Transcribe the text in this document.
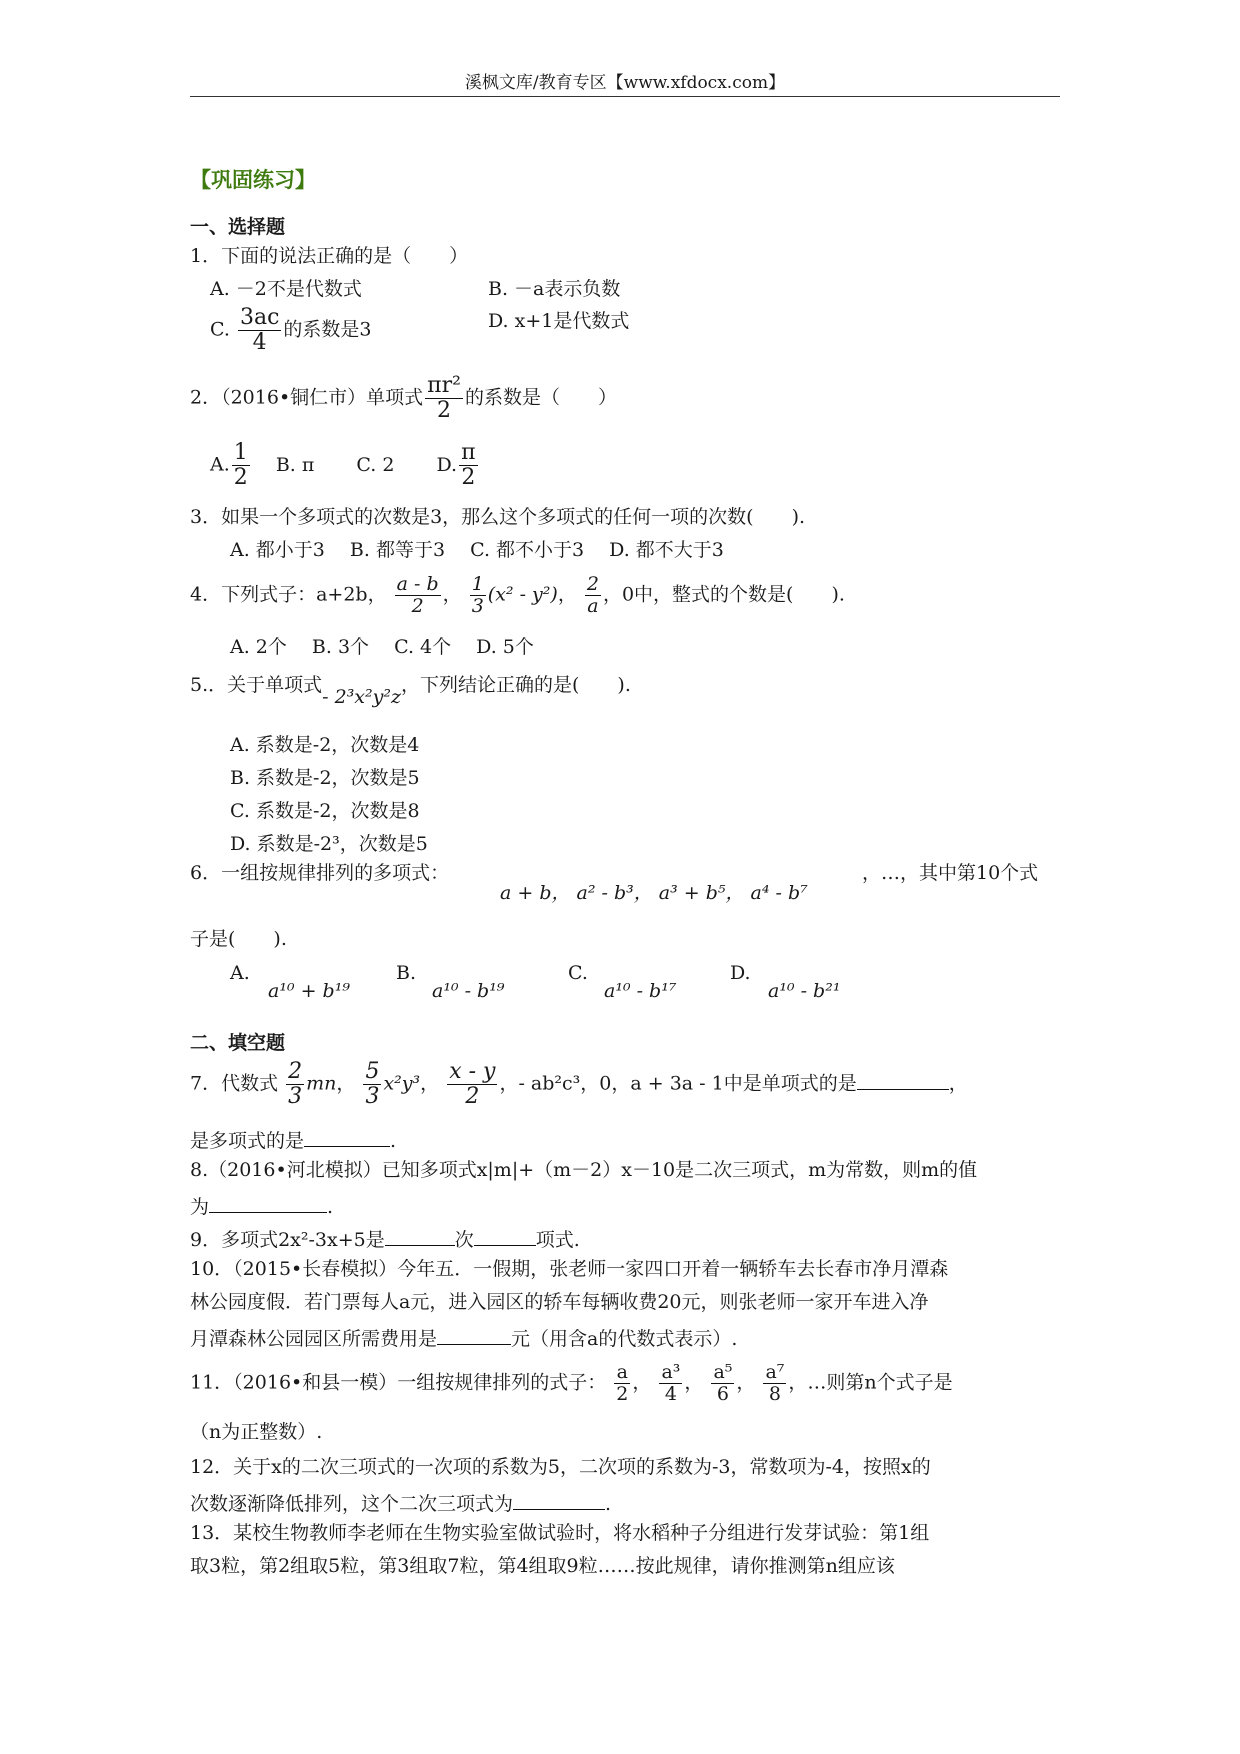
溪枫文库/教育专区【www.xfdocx.com】
【巩固练习】
一、选择题
1．下面的说法正确的是（　　）
A. －2不是代数式	B. －a表示负数
C. $\frac{3ac}{4}$ 的系数是3	D. x+1是代数式
2．（2016•铜仁市）单项式 $\frac{\text{πr²}}{2}$ 的系数是（　　）
A. $\frac{1}{2} B$. π C. 2 D. $\frac{\pi}{2}$
3．如果一个多项式的次数是3，那么这个多项式的任何一项的次数(　　).
A. 都小于3　 B. 都等于3　 C. 都不小于3　 D. 都不大于3
4．下列式子：a+2b， $\frac{a - b}{2}$ ， $\frac{1}{3} (x^2 - y^2)$， $\frac{2}{a}$ ，0中，整式的个数是(　　).
A. 2个　 B. 3个　 C. 4个　 D. 5个
5.．关于单项式- 2³x²y²z，下列结论正确的是(　　).
A. 系数是-2，次数是4
B. 系数是-2，次数是5
C. 系数是-2，次数是8
D. 系数是-2³，次数是5
6．一组按规律排列的多项式：
a + b， a² - b³， a³ + b⁵， a⁴ - b⁷
，…，其中第10个式
子是(　　).
A.
a¹⁰ + b¹⁹
B.
a¹⁰ - b¹⁹
C.
a¹⁰ - b¹⁷
D.
a¹⁰ - b²¹
二、填空题
7．代数式 $\frac{2}{3}$ mn， $\frac{5}{3} x^2y^3$， $\frac{x - y}{2}$ ，- ab²c³，0，a + 3a - 1中是单项式的是	，
是多项式的是	.
8.（2016•河北模拟）已知多项式x|m|+（m－2）x－10是二次三项式，m为常数，则m的值
为	.
9．多项式2x²-3x+5是	次	项式.
10．（2015•长春模拟）今年五．一假期，张老师一家四口开着一辆轿车去长春市净月潭森
林公园度假．若门票每人a元，进入园区的轿车每辆收费20元，则张老师一家开车进入净
月潭森林公园园区所需费用是	元（用含a的代数式表示）.
11．（2016•和县一模）一组按规律排列的式子： $\frac{a}{2}$ ， $\frac{\text{a³}}{4}$ ， $\frac{\text{a⁵}}{6}$ ， $\frac{\text{a⁷}}{8}$ ，…则第n个式子是
（n为正整数）.
12．关于x的二次三项式的一次项的系数为5，二次项的系数为-3，常数项为-4，按照x的
次数逐渐降低排列，这个二次三项式为	.
13．某校生物教师李老师在生物实验室做试验时，将水稻种子分组进行发芽试验：第1组
取3粒，第2组取5粒，第3组取7粒，第4组取9粒……按此规律，请你推测第n组应该
